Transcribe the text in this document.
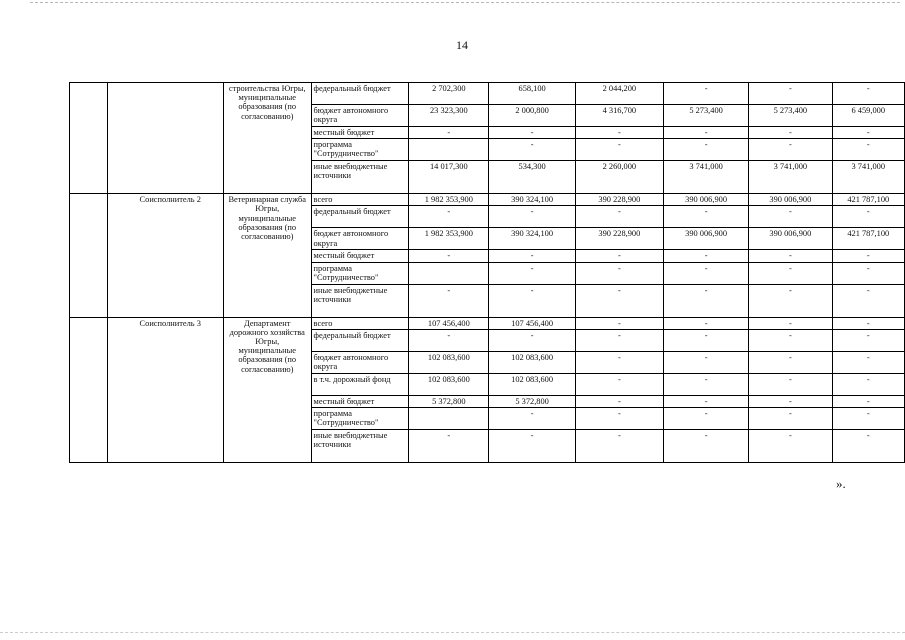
14
		строительства Югры, муниципальные образования (по согласованию)	федеральный бюджет	2 702,300	658,100	2 044,200	-	-	-
			бюджет автономного округа	23 323,300	2 000,800	4 316,700	5 273,400	5 273,400	6 459,000
			местный бюджет	-	-	-	-	-	-
			программа "Сотрудничество"		-	-	-	-	-
			иные внебюджетные источники	14 017,300	534,300	2 260,000	3 741,000	3 741,000	3 741,000
	Соисполнитель 2	Ветеринарная служба Югры, муниципальные образования (по согласованию)	всего	1 982 353,900	390 324,100	390 228,900	390 006,900	390 006,900	421 787,100
			федеральный бюджет	-	-	-	-	-	-
			бюджет автономного округа	1 982 353,900	390 324,100	390 228,900	390 006,900	390 006,900	421 787,100
			местный бюджет	-	-	-	-	-	-
			программа "Сотрудничество"		-	-	-	-	-
			иные внебюджетные источники	-	-	-	-	-	-
	Соисполнитель 3	Департамент дорожного хозяйства Югры, муниципальные образования (по согласованию)	всего	107 456,400	107 456,400	-	-	-	-
			федеральный бюджет	-	-	-	-	-	-
			бюджет автономного округа	102 083,600	102 083,600	-	-	-	-
			в т.ч. дорожный фонд	102 083,600	102 083,600	-	-	-	-
			местный бюджет	5 372,800	5 372,800	-	-	-	-
			программа "Сотрудничество"		-	-	-	-	-
			иные внебюджетные источники	-	-	-	-	-	-
».
